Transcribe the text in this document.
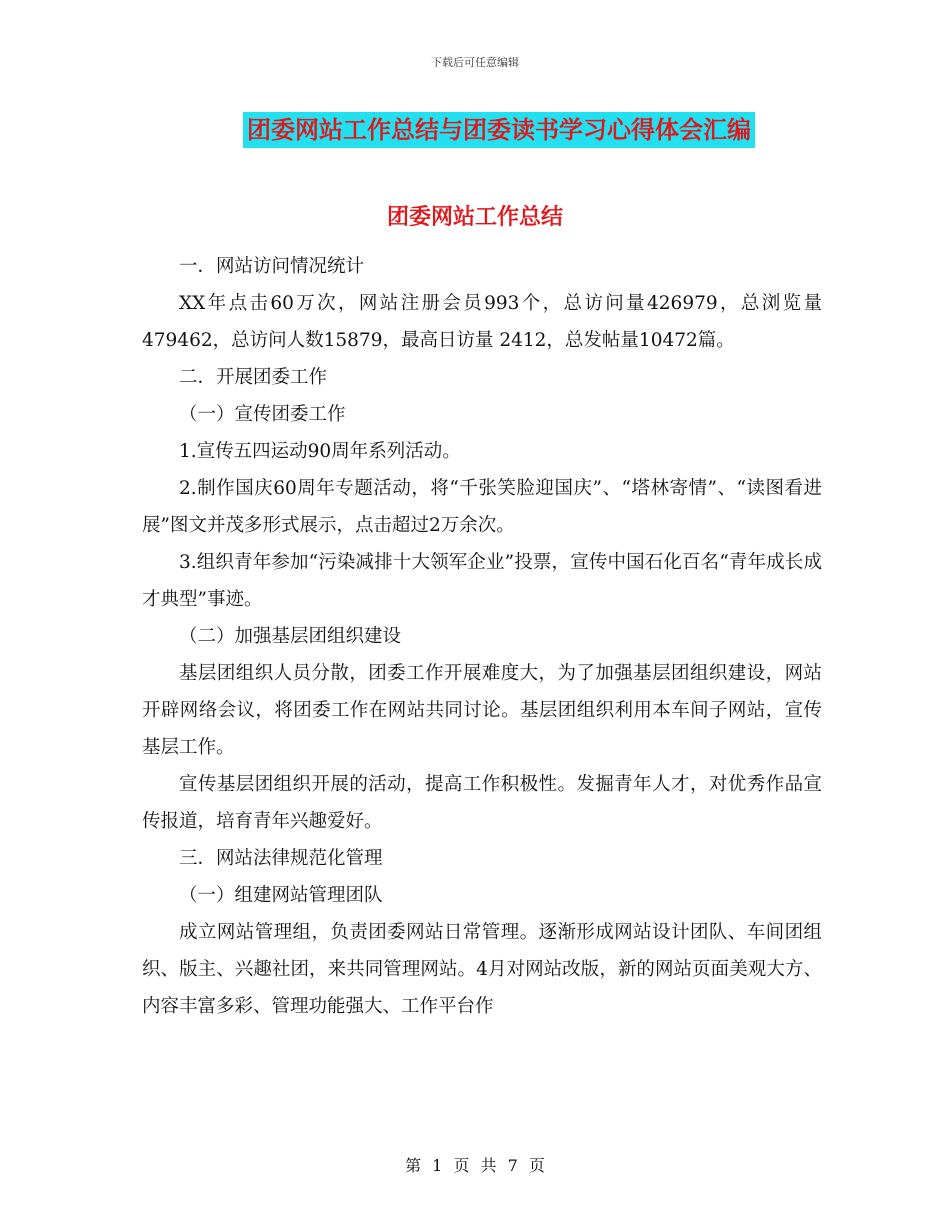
下载后可任意编辑
团委网站工作总结与团委读书学习心得体会汇编
团委网站工作总结

一．网站访问情况统计

XX年点击60万次，网站注册会员993个，总访问量426979，总浏览量 479462，总访问人数15879，最高日访量 2412，总发帖量10472篇。

二．开展团委工作

（一）宣传团委工作

1.宣传五四运动90周年系列活动。

2.制作国庆60周年专题活动，将“千张笑脸迎国庆”、“塔林寄情”、“读图看进展”图文并茂多形式展示，点击超过2万余次。

3.组织青年参加“污染减排十大领军企业”投票，宣传中国石化百名“青年成长成才典型”事迹。

（二）加强基层团组织建设

基层团组织人员分散，团委工作开展难度大，为了加强基层团组织建设，网站开辟网络会议，将团委工作在网站共同讨论。基层团组织利用本车间子网站，宣传基层工作。

宣传基层团组织开展的活动，提高工作积极性。发掘青年人才，对优秀作品宣传报道，培育青年兴趣爱好。

三．网站法律规范化管理

（一）组建网站管理团队

成立网站管理组，负责团委网站日常管理。逐渐形成网站设计团队、车间团组织、版主、兴趣社团，来共同管理网站。4月对网站改版，新的网站页面美观大方、内容丰富多彩、管理功能强大、工作平台作

第 1 页 共 7 页
